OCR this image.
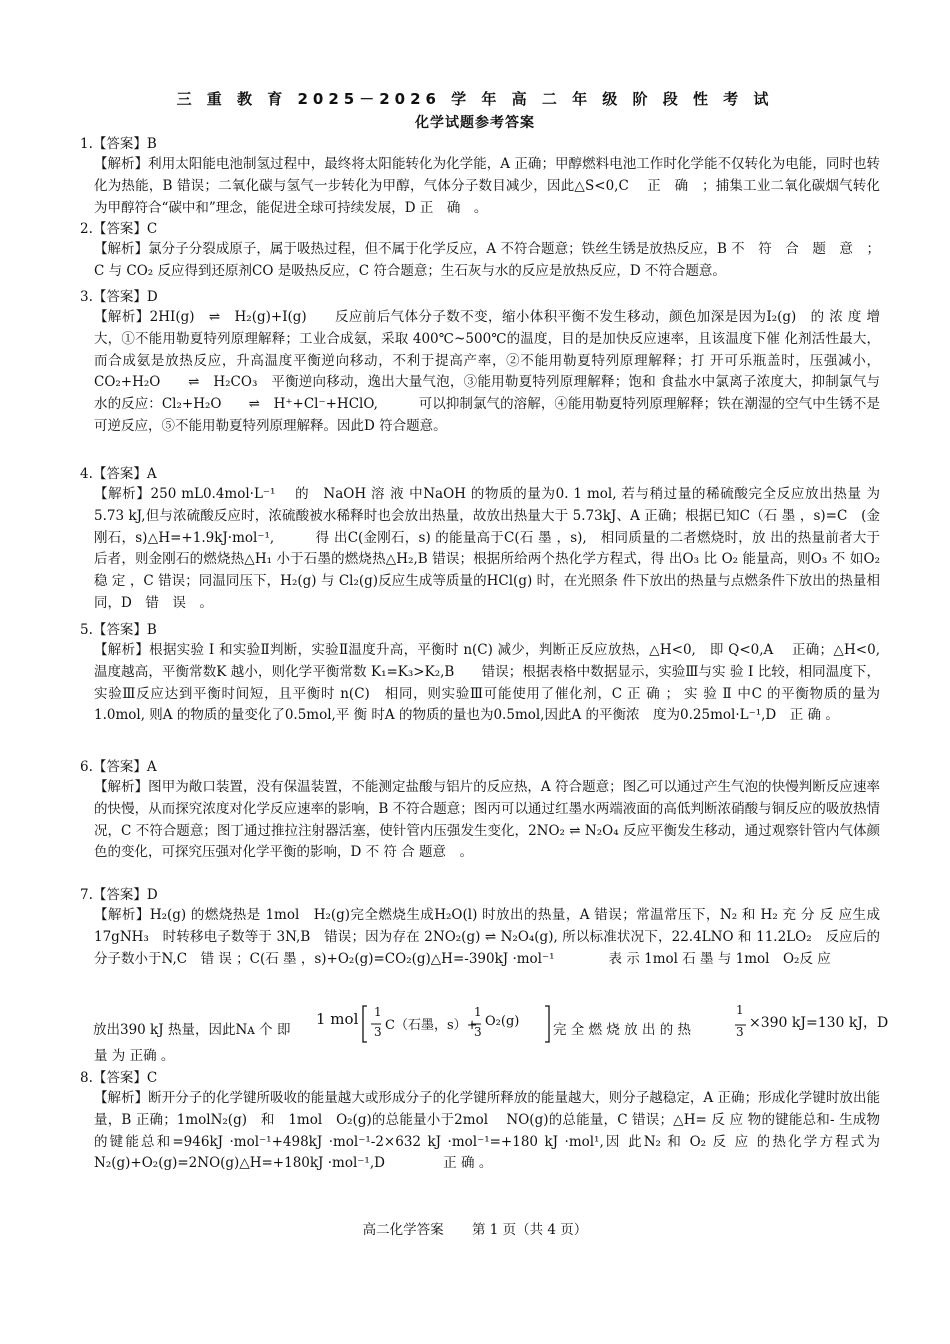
三 重 教 育 2025－2026 学 年 高 二 年 级 阶 段 性 考 试
化学试题参考答案
1.【答案】B
【解析】利用太阳能电池制氢过程中，最终将太阳能转化为化学能，A 正确；甲醇燃料电池工作时化学能不仅转化为电能，同时也转化为热能，B 错误；二氧化碳与氢气一步转化为甲醇，气体分子数目减少，因此△S<0,C　 正　确　；捕集工业二氧化碳烟气转化为甲醇符合“碳中和”理念，能促进全球可持续发展，D 正　确　。
2.【答案】C
【解析】氯分子分裂成原子，属于吸热过程，但不属于化学反应，A 不符合题意；铁丝生锈是放热反应，B 不　符　合　题　意　；C 与 CO₂ 反应得到还原剂CO 是吸热反应，C 符合题意；生石灰与水的反应是放热反应，D 不符合题意。
3.【答案】D
【解析】2HI(g)　⇌　H₂(g)+I(g)　　反应前后气体分子数不变，缩小体积平衡不发生移动，颜色加深是因为I₂(g)　的 浓 度 增大，①不能用勒夏特列原理解释；工业合成氨，采取 400℃~500℃的温度，目的是加快反应速率，且该温度下催 化剂活性最大，而合成氨是放热反应，升高温度平衡逆向移动，不利于提高产率，②不能用勒夏特列原理解释；打 开可乐瓶盖时，压强减小，CO₂+H₂O　　⇌　H₂CO₃　平衡逆向移动，逸出大量气泡，③能用勒夏特列原理解释；饱和 食盐水中氯离子浓度大，抑制氯气与水的反应：Cl₂+H₂O　　⇌　H⁺+Cl⁻+HClO,　　　可以抑制氯气的溶解，④能用勒夏特列原理解释；铁在潮湿的空气中生锈不是可逆反应，⑤不能用勒夏特列原理解释。因此D 符合题意。
4.【答案】A
【解析】250 mL0.4mol·L⁻¹　 的　NaOH 溶 液 中NaOH 的物质的量为0. 1 mol, 若与稍过量的稀硫酸完全反应放出热量 为5.73 kJ,但与浓硫酸反应时，浓硫酸被水稀释时也会放出热量，故放出热量大于 5.73kJ、A 正确；根据已知C（石 墨 ，s)=C　(金刚石，s)△H=+1.9kJ·mol⁻¹,　　　得 出C(金刚石，s) 的能量高于C(石 墨 ，s),　相同质量的二者燃烧时，放 出的热量前者大于后者，则金刚石的燃烧热△H₁ 小于石墨的燃烧热△H₂,B 错误；根据所给两个热化学方程式，得 出O₃ 比 O₂ 能量高，则O₃ 不 如O₂ 稳 定 ，C 错误；同温同压下，H₂(g) 与 Cl₂(g)反应生成等质量的HCl(g) 时，在光照条 件下放出的热量与点燃条件下放出的热量相同，D　错　误　。
5.【答案】B
【解析】根据实验 Ⅰ 和实验Ⅱ判断，实验Ⅱ温度升高，平衡时 n(C) 减少，判断正反应放热，△H<0,　即 Q<0,A　 正确；△H<0,　 温度越高，平衡常数K 越小，则化学平衡常数 K₁=K₃>K₂,B　　错误；根据表格中数据显示，实验Ⅲ与实 验 Ⅰ 比较，相同温度下，实验Ⅲ反应达到平衡时间短，且平衡时 n(C)　相同，则实验Ⅲ可能使用了催化剂，C 正 确 ； 实 验 Ⅱ 中C 的平衡物质的量为1.0mol, 则A 的物质的量变化了0.5mol,平 衡 时A 的物质的量也为0.5mol,因此A 的平衡浓　度为0.25mol·L⁻¹,D　正 确 。
6.【答案】A
【解析】图甲为敞口装置，没有保温装置，不能测定盐酸与铝片的反应热，A 符合题意；图乙可以通过产生气泡的快慢判断反应速率的快慢，从而探究浓度对化学反应速率的影响，B 不符合题意；图丙可以通过红墨水两端液面的高低判断浓硝酸与铜反应的吸放热情况，C 不符合题意；图丁通过推拉注射器活塞，使针管内压强发生变化，2NO₂ ⇌ N₂O₄ 反应平衡发生移动，通过观察针管内气体颜色的变化，可探究压强对化学平衡的影响，D 不 符 合 题意　。
7.【答案】D
【解析】H₂(g) 的燃烧热是 1mol　H₂(g)完全燃烧生成H₂O(l) 时放出的热量，A 错误；常温常压下，N₂ 和 H₂ 充 分 反 应生成17gNH₃　时转移电子数等于 3N,B　错误；因为存在 2NO₂(g) ⇌ N₂O₄(g), 所以标准状况下，22.4LNO 和 11.2LO₂　反应后的分子数小于N,C　错 误 ；C(石 墨 ，s)+O₂(g)=CO₂(g)△H=-390kJ ·mol⁻¹　　　　表 示 1mol 石 墨 与 1mol　O₂反 应
放出390 kJ 热量，因此Nᴀ 个 即
1 mol 1
3 C（石墨，s）+
1
3
O₂(g)
完 全 燃 烧 放 出 的 热
1
3
×390 kJ=130 kJ，D
量 为 正确 。
8.【答案】C
【解析】断开分子的化学键所吸收的能量越大或形成分子的化学键所释放的能量越大，则分子越稳定，A 正确；形成化学键时放出能量，B 正确；1molN₂(g)　和　1mol　O₂(g)的总能量小于2mol　 NO(g)的总能量，C 错误；△H= 反 应 物的键能总和- 生成物的键能总和=946kJ ·mol⁻¹+498kJ ·mol⁻¹-2×632 kJ ·mol⁻¹=+180 kJ ·mol¹,因 此N₂ 和 O₂ 反 应 的热化学方程式为N₂(g)+O₂(g)=2NO(g)△H=+180kJ ·mol⁻¹,D　　　　 正 确 。
高二化学答案 第 1 页（共 4 页）
